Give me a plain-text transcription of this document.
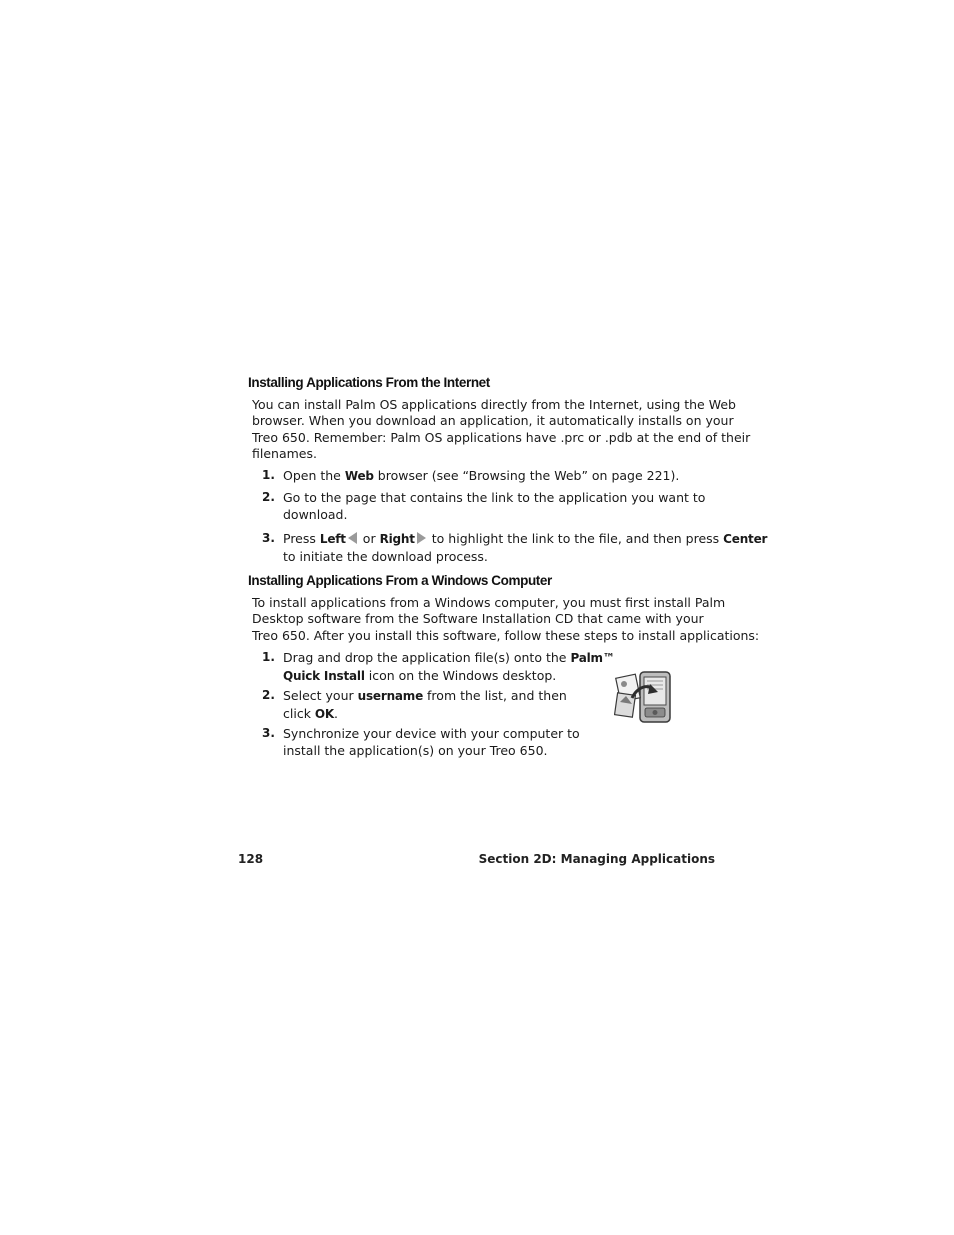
Installing Applications From the Internet
You can install Palm OS applications directly from the Internet, using the Web
browser. When you download an application, it automatically installs on your
Treo 650. Remember: Palm OS applications have .prc or .pdb at the end of their
filenames.
1. Open the Web browser (see “Browsing the Web” on page 221).
2. Go to the page that contains the link to the application you want to
download.
3. Press Left or Right to highlight the link to the file, and then press Center
to initiate the download process.
Installing Applications From a Windows Computer
To install applications from a Windows computer, you must first install Palm
Desktop software from the Software Installation CD that came with your
Treo 650. After you install this software, follow these steps to install applications:
1. Drag and drop the application file(s) onto the Palm™
Quick Install icon on the Windows desktop.
2. Select your username from the list, and then
click OK.
3. Synchronize your device with your computer to
install the application(s) on your Treo 650.
128	Section 2D: Managing Applications
